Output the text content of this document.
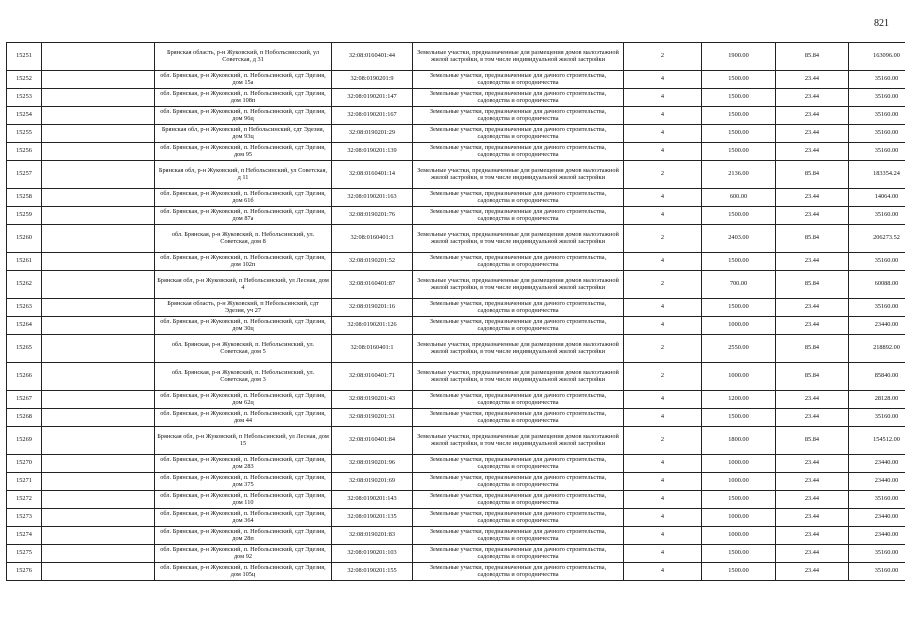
821
15251		Брянская область, р-н Жуковский, п Ноболъсвисский, ул Советская, д 31	32:08:0160401:44	Земельные участки, предназначенные для размещения домов малоэтажной жилой застройки, в том числе индивидуальной жилой застройки	2	1900.00	85.84	163096.00
15252		обл. Брянская, р-н Жуковский, п. Небольсинский, сдт Эдезия, дом 15а	32:08:0190201:9	Земельные участки, предназначенные для дачного строительства, садоводства и огородничества	4	1500.00	23.44	35160.00
15253		обл. Брянская, р-н Жуковский, п. Небольсинский, сдт Эдезия, дом 108п	32:08:0190201:147	Земельные участки, предназначенные для дачного строительства, садоводства и огородничества	4	1500.00	23.44	35160.00
15254		обл. Брянская, р-н Жуковский, п. Небольсинский, сдт Эдезия, дом 96ц	32:08:0190201:167	Земельные участки, предназначенные для дачного строительства, садоводства и огородничества	4	1500.00	23.44	35160.00
15255		Брянская обл, р-н Жуковский, п Небольсинский, сдт Эдезия, дом 93ц	32:08:0190201:29	Земельные участки, предназначенные для дачного строительства, садоводства и огородничества	4	1500.00	23.44	35160.00
15256		обл. Брянская, р-н Жуковский, п. Небольсинский, сдт Эдезия, дом 95	32:08:0190201:139	Земельные участки, предназначенные для дачного строительства, садоводства и огородничества	4	1500.00	23.44	35160.00
15257		Брянская обл, р-н Жуковский, п Небольсинский, ул Советская, д 11	32:08:0160401:14	Земельные участки, предназначенные для размещения домов малоэтажной жилой застройки, в том числе индивидуальной жилой застройки	2	2136.00	85.84	183354.24
15258		обл. Брянская, р-н Жуковский, п. Небольсинский, сдт Эдезия, дом 61б	32:08:0190201:163	Земельные участки, предназначенные для дачного строительства, садоводства и огородничества	4	600.00	23.44	14064.00
15259		обл. Брянская, р-н Жуковский, п. Небольсинский, сдт Эдезия, дом 87а	32:08:0190201:76	Земельные участки, предназначенные для дачного строительства, садоводства и огородничества	4	1500.00	23.44	35160.00
15260		обл. Брянская, р-н Жуковский, п. Небольсинский, ул. Советская, дом 8	32:08:0160401:3	Земельные участки, предназначенные для размещения домов малоэтажной жилой застройки, в том числе индивидуальной жилой застройки	2	2403.00	85.84	206273.52
15261		обл. Брянская, р-н Жуковский, п. Небольсинский, сдт Эдезия, дом 102п	32:08:0190201:52	Земельные участки, предназначенные для дачного строительства, садоводства и огородничества	4	1500.00	23.44	35160.00
15262		Брянская обл, р-н Жуковский, п Небольсинский, ул Лесная, дом 4	32:08:0160401:87	Земельные участки, предназначенные для размещения домов малоэтажной жилой застройки, в том числе индивидуальной жилой застройки	2	700.00	85.84	60088.00
15263		Брянская область, р-н Жуковский, п Небольсинский, сдт Эдезия, уч 27	32:08:0190201:16	Земельные участки, предназначенные для дачного строительства, садоводства и огородничества	4	1500.00	23.44	35160.00
15264		обл. Брянская, р-н Жуковский, п. Небольсинский, сдт Эдезия, дом 30ц	32:08:0190201:126	Земельные участки, предназначенные для дачного строительства, садоводства и огородничества	4	1000.00	23.44	23440.00
15265		обл. Брянская, р-н Жуковский, п. Небольсинский, ул. Советская, дом 5	32:08:0160401:1	Земельные участки, предназначенные для размещения домов малоэтажной жилой застройки, в том числе индивидуальной жилой застройки	2	2550.00	85.84	218892.00
15266		обл. Брянская, р-н Жуковский, п. Небольсинский, ул. Советская, дом 3	32:08:0160401:71	Земельные участки, предназначенные для размещения домов малоэтажной жилой застройки, в том числе индивидуальной жилой застройки	2	1000.00	85.84	85840.00
15267		обл. Брянская, р-н Жуковский, п. Небольсинский, сдт Эдезия, дом 62ц	32:08:0190201:43	Земельные участки, предназначенные для дачного строительства, садоводства и огородничества	4	1200.00	23.44	28128.00
15268		обл. Брянская, р-н Жуковский, п. Небольсинский, сдт Эдезия, дом 44	32:08:0190201:31	Земельные участки, предназначенные для дачного строительства, садоводства и огородничества	4	1500.00	23.44	35160.00
15269		Брянская обл, р-н Жуковский, п Небольсинский, ул Лесная, дом 15	32:08:0160401:84	Земельные участки, предназначенные для размещения домов малоэтажной жилой застройки, в том числе индивидуальной жилой застройки	2	1800.00	85.84	154512.00
15270		обл. Брянская, р-н Жуковский, п. Небольсинский, сдт Эдезия, дом 283	32:08:0190201:96	Земельные участки, предназначенные для дачного строительства, садоводства и огородничества	4	1000.00	23.44	23440.00
15271		обл. Брянская, р-н Жуковский, п. Небольсинский, сдт Эдезия, дом 375	32:08:0190201:69	Земельные участки, предназначенные для дачного строительства, садоводства и огородничества	4	1000.00	23.44	23440.00
15272		обл. Брянская, р-н Жуковский, п. Небольсинский, сдт Эдезия, дом 110	32:08:0190201:143	Земельные участки, предназначенные для дачного строительства, садоводства и огородничества	4	1500.00	23.44	35160.00
15273		обл. Брянская, р-н Жуковский, п. Небольсинский, сдт Эдезия, дом 364	32:08:0190201:135	Земельные участки, предназначенные для дачного строительства, садоводства и огородничества	4	1000.00	23.44	23440.00
15274		обл. Брянская, р-н Жуковский, п. Небольсинский, сдт Эдезия, дом 28п	32:08:0190201:83	Земельные участки, предназначенные для дачного строительства, садоводства и огородничества	4	1000.00	23.44	23440.00
15275		обл. Брянская, р-н Жуковский, п. Небольсинский, сдт Эдезия, дом 92	32:08:0190201:103	Земельные участки, предназначенные для дачного строительства, садоводства и огородничества	4	1500.00	23.44	35160.00
15276		обл. Брянская, р-н Жуковский, п. Небольсинский, сдт Эдезия, дом 105ц	32:08:0190201:155	Земельные участки, предназначенные для дачного строительства, садоводства и огородничества	4	1500.00	23.44	35160.00
